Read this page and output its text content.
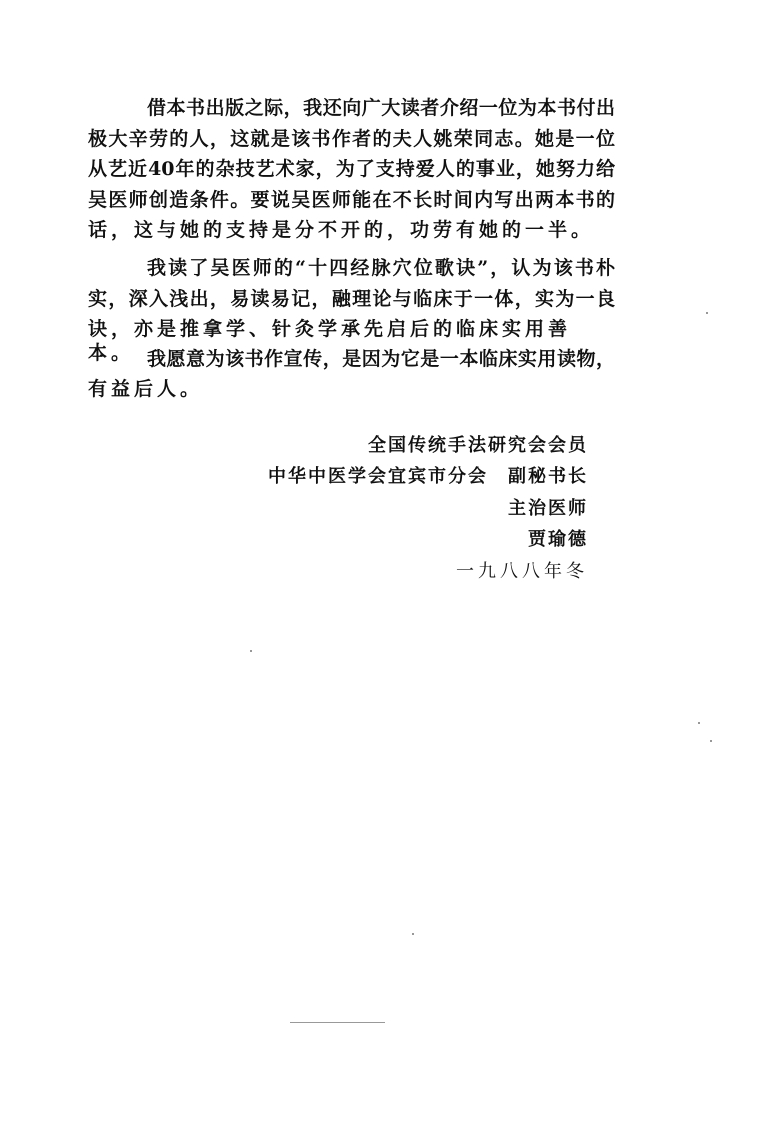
借本书出版之际，我还向广大读者介绍一位为本书付出
极大辛劳的人，这就是该书作者的夫人姚荣同志。她是一位
从艺近40年的杂技艺术家，为了支持爱人的事业，她努力给
吴医师创造条件。要说吴医师能在不长时间内写出两本书的
话，这与她的支持是分不开的，功劳有她的一半。
我读了吴医师的“十四经脉穴位歌诀”，认为该书朴
实，深入浅出，易读易记，融理论与临床于一体，实为一良
诀，亦是推拿学、针灸学承先启后的临床实用善本。 我愿意为该书作宣传，是因为它是一本临床实用读物，
有益后人。
全国传统手法研究会会员
中华中医学会宜宾市分会　副秘书长
主治医师
贾瑜德
一九八八年冬
